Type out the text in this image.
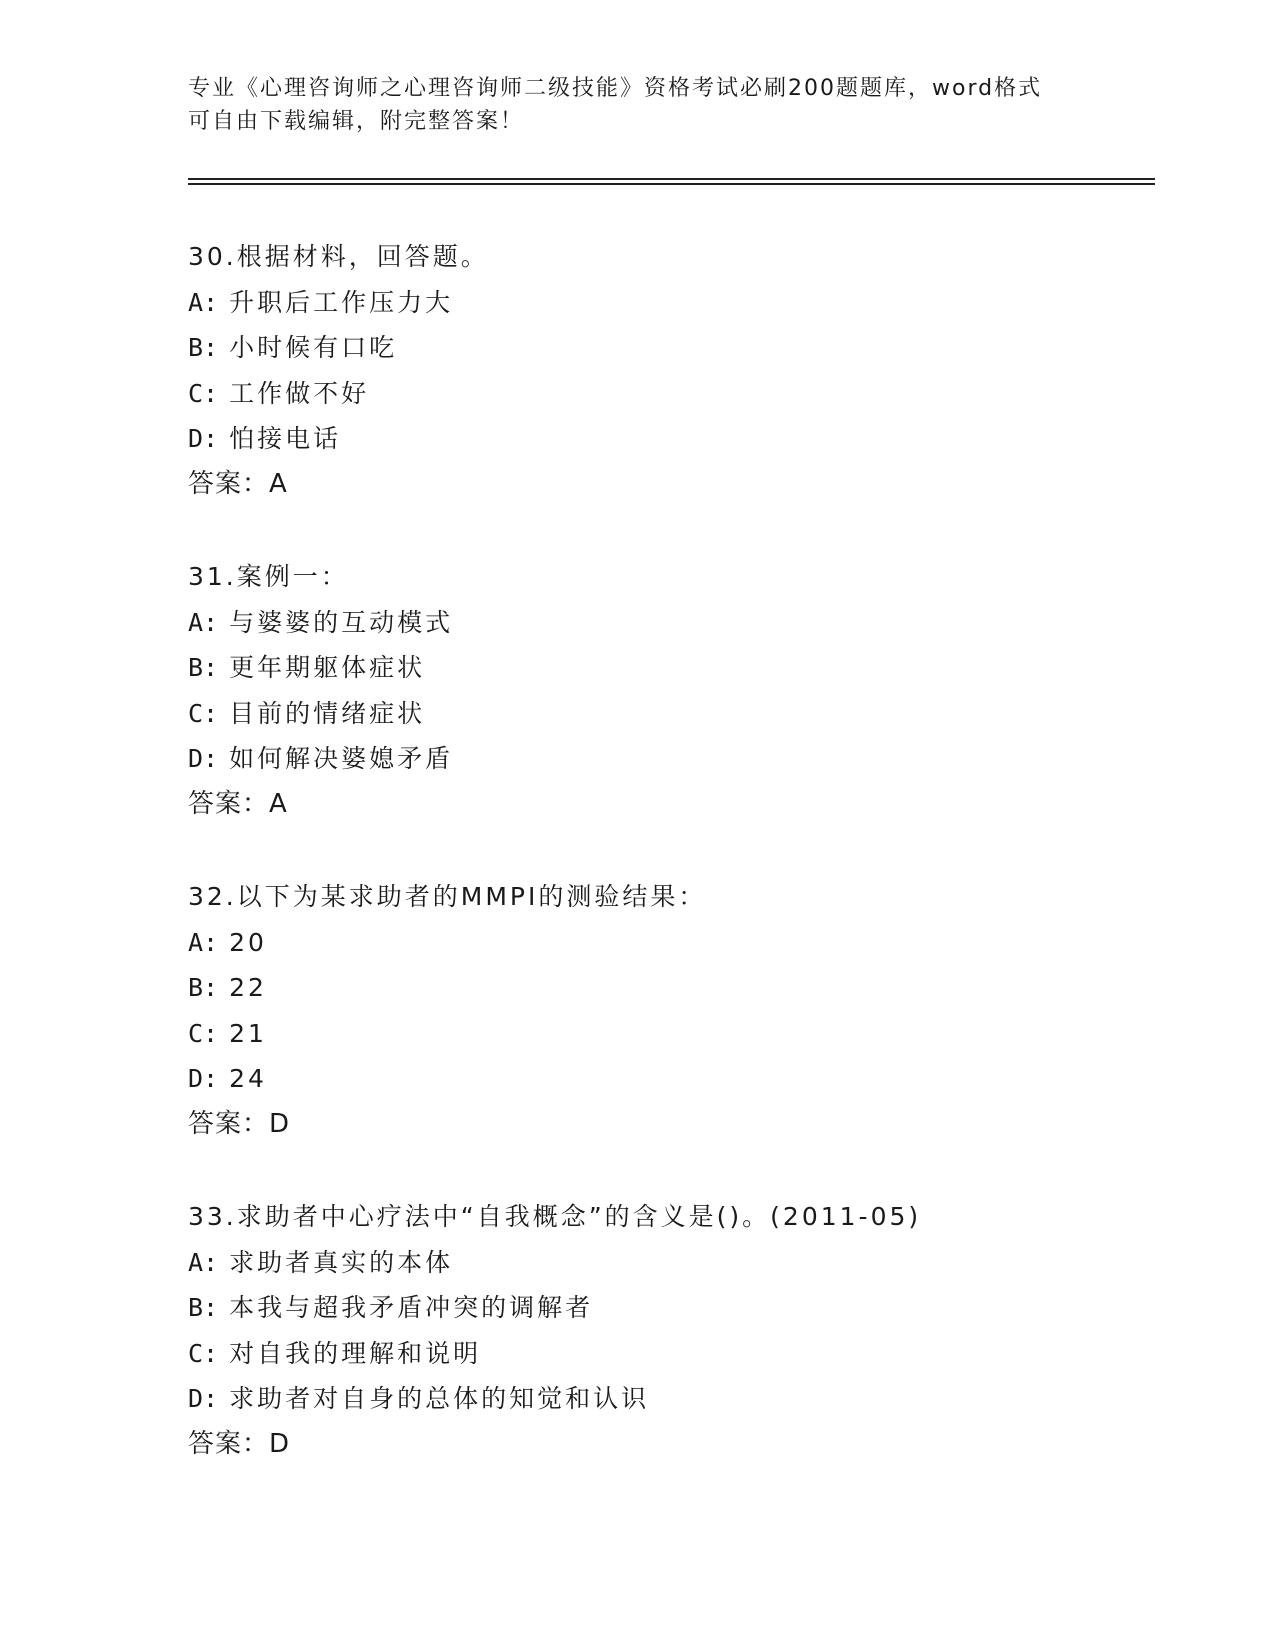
专业《心理咨询师之心理咨询师二级技能》资格考试必刷200题题库，word格式
可自由下载编辑，附完整答案！
30.根据材料，回答题。
A: 升职后工作压力大
B: 小时候有口吃
C: 工作做不好
D: 怕接电话
答案：A
31.案例一：
A: 与婆婆的互动模式
B: 更年期躯体症状
C: 目前的情绪症状
D: 如何解决婆媳矛盾
答案：A
32.以下为某求助者的MMPI的测验结果：
A: 20
B: 22
C: 21
D: 24
答案：D
33.求助者中心疗法中“自我概念”的含义是()。(2011-05)
A: 求助者真实的本体
B: 本我与超我矛盾冲突的调解者
C: 对自我的理解和说明
D: 求助者对自身的总体的知觉和认识
答案：D
